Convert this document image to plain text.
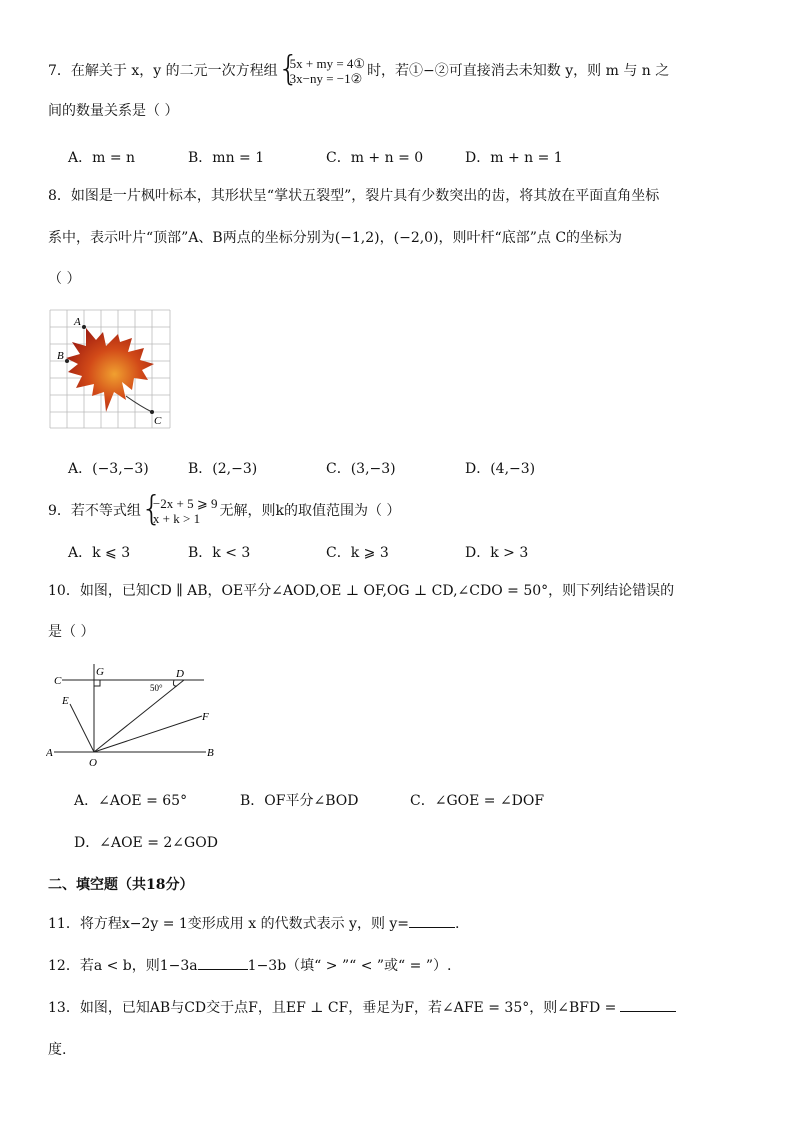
7．在解关于 x，y 的二元一次方程组 { 5x + my = 4①
3x−ny = −1② 时，若①−②可直接消去未知数 y，则 m 与 n 之
间的数量关系是（ ）
A．m = n	B．mn = 1	C．m + n = 0	D．m + n = 1
8．如图是一片枫叶标本，其形状呈“掌状五裂型”，裂片具有少数突出的齿，将其放在平面直角坐标
系中，表示叶片“顶部”A、B两点的坐标分别为(−1,2)，(−2,0)，则叶杆“底部”点 C的坐标为
（ ）
A
B
C
A．(−3,−3)	B．(2,−3)	C．(3,−3)	D．(4,−3)
9．若不等式组 { −2x + 5 ⩾ 9
x + k > 1	无解，则k的取值范围为（ ）
A．k ⩽ 3	B．k < 3	C．k ⩾ 3	D．k > 3
10．如图，已知CD ∥ AB，OE平分∠AOD,OE ⊥ OF,OG ⊥ CD,∠CDO = 50°，则下列结论错误的
是（ ）
C
G	D
50°
E
F
A
O
B
A．∠AOE = 65°	B．OF平分∠BOD	C．∠GOE = ∠DOF
D．∠AOE = 2∠GOD
二、填空题（共18分）
11．将方程x−2y = 1变形成用 x 的代数式表示 y，则 y=	.
12．若a < b，则1−3a	1−3b（填“ > ”“ < ”或“ = ”）.
13．如图，已知AB与CD交于点F，且EF ⊥ CF，垂足为F，若∠AFE = 35°，则∠BFD =
度.
